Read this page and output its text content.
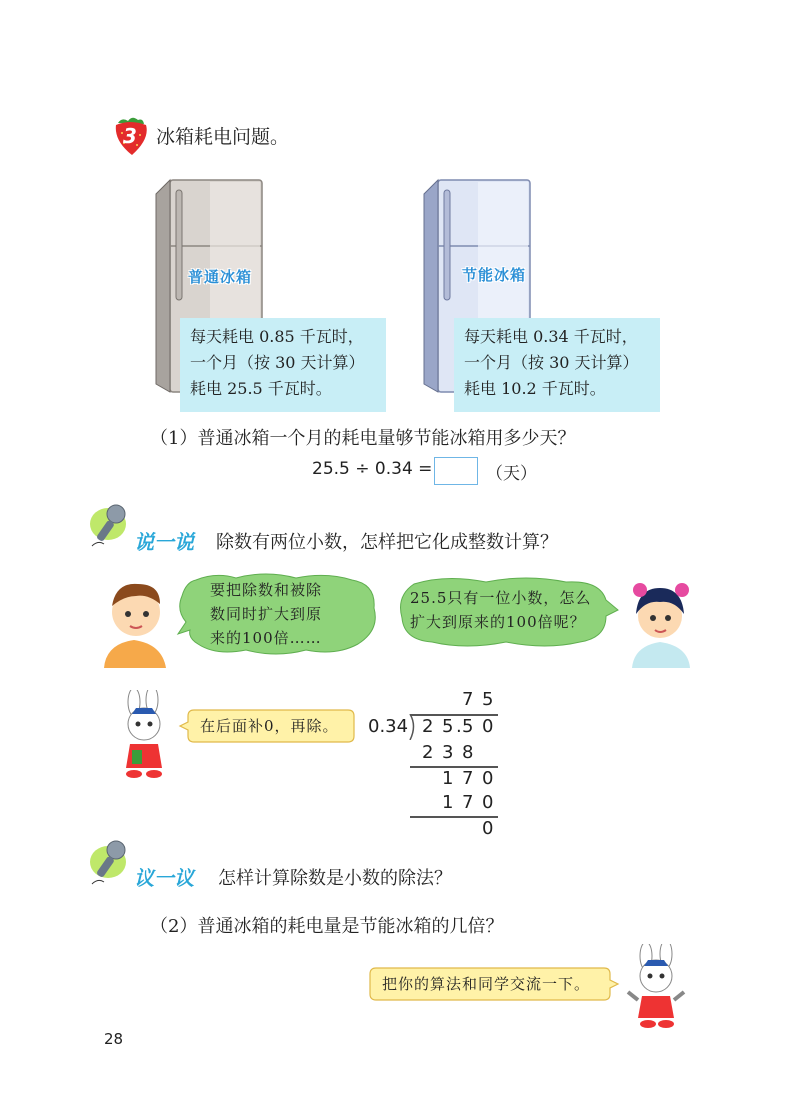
3 冰箱耗电问题。
普通冰箱
每天耗电 0.85 千瓦时，
一个月（按 30 天计算）
耗电 25.5 千瓦时。
节能冰箱
每天耗电 0.34 千瓦时，
一个月（按 30 天计算）
耗电 10.2 千瓦时。
（1）普通冰箱一个月的耗电量够节能冰箱用多少天？
25.5 ÷ 0.34 =	（天）
说一说 除数有两位小数，怎样把它化成整数计算？
要把除数和被除
数同时扩大到原
来的100倍……
25.5只有一位小数，怎么
扩大到原来的100倍呢？
在后面补0，再除。
7 5
0.34 2 5 . 5 0
2 3 8
1 7 0
1 7 0
0
议一议 怎样计算除数是小数的除法？
（2）普通冰箱的耗电量是节能冰箱的几倍？
把你的算法和同学交流一下。
28
